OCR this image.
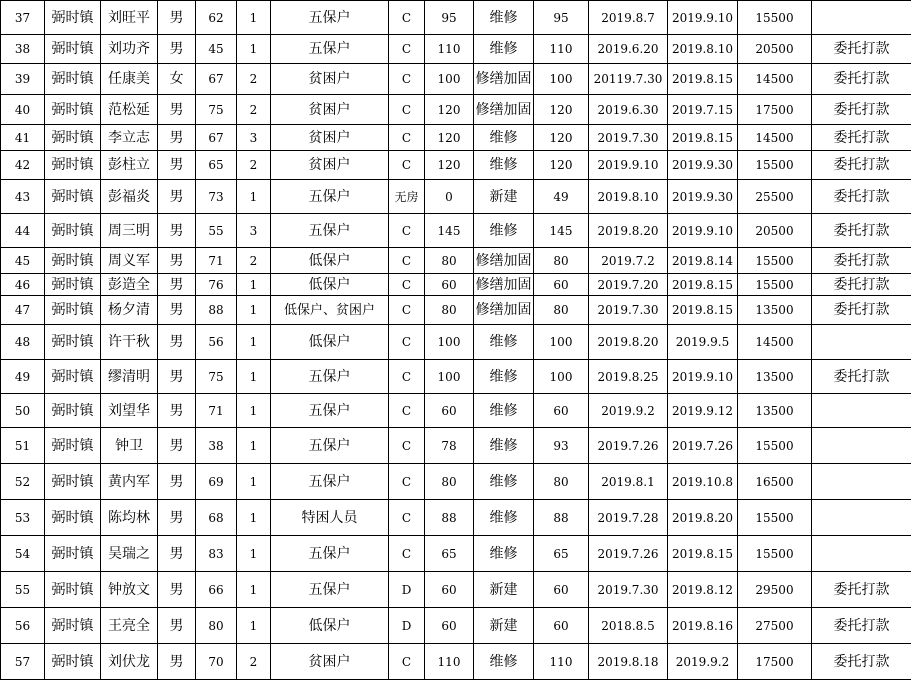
37	弼时镇	刘旺平	男	62	1	五保户	C	95	维修	95	2019.8.7	2019.9.10	15500	
38	弼时镇	刘功齐	男	45	1	五保户	C	110	维修	110	2019.6.20	2019.8.10	20500	委托打款
39	弼时镇	任康美	女	67	2	贫困户	C	100	修缮加固	100	20119.7.30	2019.8.15	14500	委托打款
40	弼时镇	范松延	男	75	2	贫困户	C	120	修缮加固	120	2019.6.30	2019.7.15	17500	委托打款
41	弼时镇	李立志	男	67	3	贫困户	C	120	维修	120	2019.7.30	2019.8.15	14500	委托打款
42	弼时镇	彭柱立	男	65	2	贫困户	C	120	维修	120	2019.9.10	2019.9.30	15500	委托打款
43	弼时镇	彭福炎	男	73	1	五保户	无房	0	新建	49	2019.8.10	2019.9.30	25500	委托打款
44	弼时镇	周三明	男	55	3	五保户	C	145	维修	145	2019.8.20	2019.9.10	20500	委托打款
45	弼时镇	周义军	男	71	2	低保户	C	80	修缮加固	80	2019.7.2	2019.8.14	15500	委托打款
46	弼时镇	彭造全	男	76	1	低保户	C	60	修缮加固	60	2019.7.20	2019.8.15	15500	委托打款
47	弼时镇	杨夕清	男	88	1	低保户、贫困户	C	80	修缮加固	80	2019.7.30	2019.8.15	13500	委托打款
48	弼时镇	许干秋	男	56	1	低保户	C	100	维修	100	2019.8.20	2019.9.5	14500	
49	弼时镇	缪清明	男	75	1	五保户	C	100	维修	100	2019.8.25	2019.9.10	13500	委托打款
50	弼时镇	刘望华	男	71	1	五保户	C	60	维修	60	2019.9.2	2019.9.12	13500	
51	弼时镇	钟卫	男	38	1	五保户	C	78	维修	93	2019.7.26	2019.7.26	15500	
52	弼时镇	黄内军	男	69	1	五保户	C	80	维修	80	2019.8.1	2019.10.8	16500	
53	弼时镇	陈均林	男	68	1	特困人员	C	88	维修	88	2019.7.28	2019.8.20	15500	
54	弼时镇	吴瑞之	男	83	1	五保户	C	65	维修	65	2019.7.26	2019.8.15	15500	
55	弼时镇	钟放文	男	66	1	五保户	D	60	新建	60	2019.7.30	2019.8.12	29500	委托打款
56	弼时镇	王亮全	男	80	1	低保户	D	60	新建	60	2018.8.5	2019.8.16	27500	委托打款
57	弼时镇	刘伏龙	男	70	2	贫困户	C	110	维修	110	2019.8.18	2019.9.2	17500	委托打款
